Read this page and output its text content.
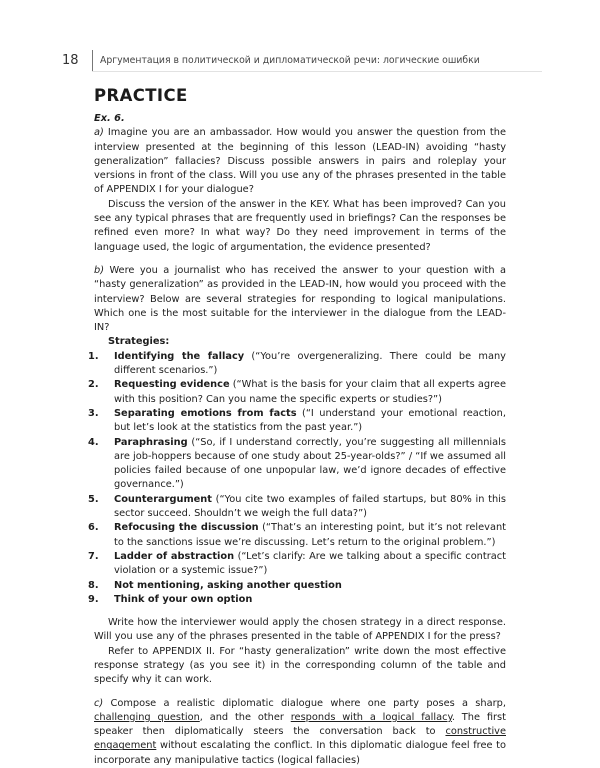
18 Аргументация в политической и дипломатической речи: логические ошибки
PRACTICE

Ex. 6.

a) Imagine you are an ambassador. How would you answer the question from the interview presented at the beginning of this lesson (LEAD-IN) avoiding “hasty generalization” fallacies? Discuss possible answers in pairs and roleplay your versions in front of the class. Will you use any of the phrases presented in the table of APPENDIX I for your dialogue?

Discuss the version of the answer in the KEY. What has been improved? Can you see any typical phrases that are frequently used in briefings? Can the responses be refined even more? In what way? Do they need improvement in terms of the language used, the logic of argumentation, the evidence presented?

b) Were you a journalist who has received the answer to your question with a “hasty generalization” as provided in the LEAD-IN, how would you proceed with the interview? Below are several strategies for responding to logical manipulations. Which one is the most suitable for the interviewer in the dialogue from the LEAD-IN?

Strategies:

1. Identifying the fallacy (“You’re overgeneralizing. There could be many different scenarios.”)
2. Requesting evidence (“What is the basis for your claim that all experts agree with this position? Can you name the specific experts or studies?”)
3. Separating emotions from facts (“I understand your emotional reaction, but let’s look at the statistics from the past year.”)
4. Paraphrasing (“So, if I understand correctly, you’re suggesting all millennials are job-hoppers because of one study about 25-year-olds?” / “If we assumed all policies failed because of one unpopular law, we’d ignore decades of effective governance.”)
5. Counterargument (“You cite two examples of failed startups, but 80% in this sector succeed. Shouldn’t we weigh the full data?”)
6. Refocusing the discussion (“That’s an interesting point, but it’s not relevant to the sanctions issue we’re discussing. Let’s return to the original problem.”)
7. Ladder of abstraction (“Let’s clarify: Are we talking about a specific contract violation or a systemic issue?”)
8. Not mentioning, asking another question
9. Think of your own option

Write how the interviewer would apply the chosen strategy in a direct response. Will you use any of the phrases presented in the table of APPENDIX I for the press?

Refer to APPENDIX II. For “hasty generalization” write down the most effective response strategy (as you see it) in the corresponding column of the table and specify why it can work.

c) Compose a realistic diplomatic dialogue where one party poses a sharp, challenging question, and the other responds with a logical fallacy. The first speaker then diplomatically steers the conversation back to constructive engagement without escalating the conflict. In this diplomatic dialogue feel free to incorporate any manipulative tactics (logical fallacies)
